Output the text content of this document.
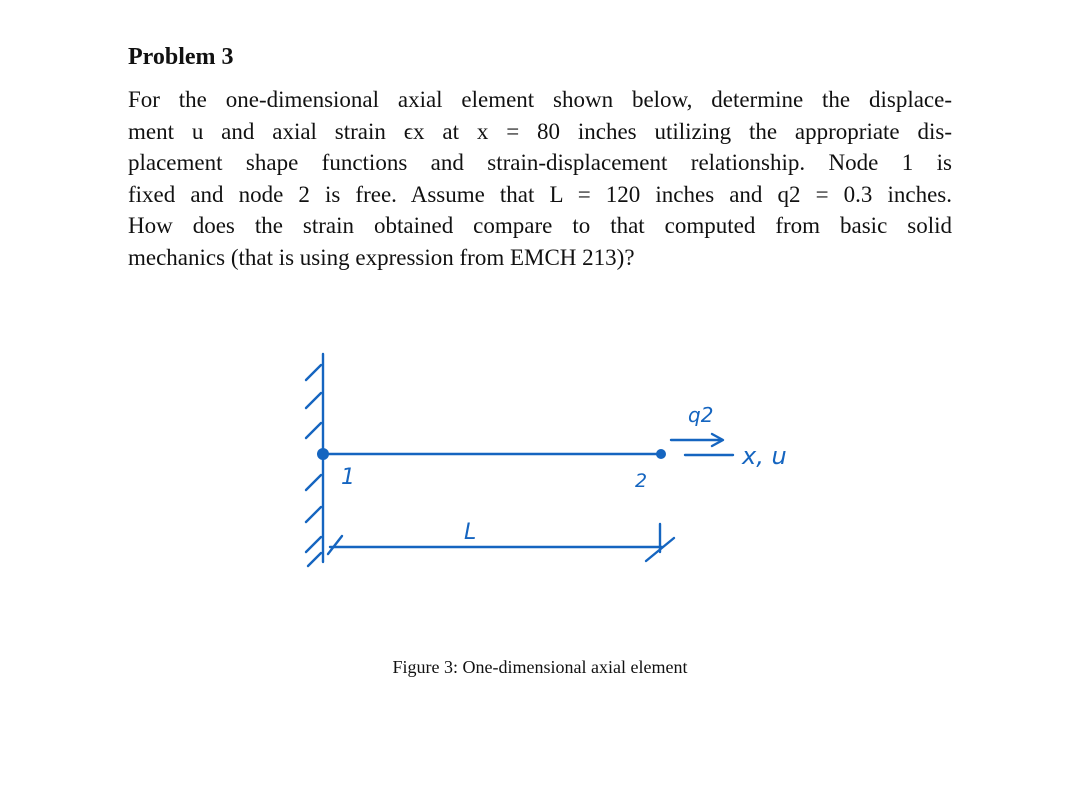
Problem 3
For the one-dimensional axial element shown below, determine the displace-
ment u and axial strain ϵx at x = 80 inches utilizing the appropriate dis-
placement shape functions and strain-displacement relationship. Node 1 is
fixed and node 2 is free. Assume that L = 120 inches and q2 = 0.3 inches.
How does the strain obtained compare to that computed from basic solid
mechanics (that is using expression from EMCH 213)?
1	2
L
q2
x, u

Figure 3: One-dimensional axial element
